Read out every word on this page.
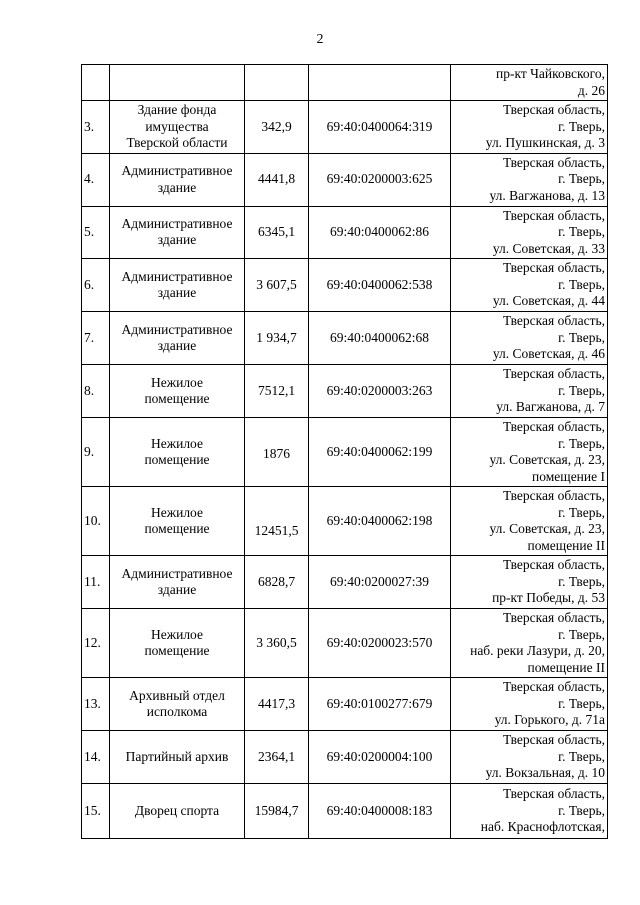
2

				пр-кт Чайковского,
д. 26

3.	Здание фонда
имущества
Тверской области	342,9	69:40:0400064:319	Тверская область,
г. Тверь,
ул. Пушкинская, д. 3

4.	Административное
здание	4441,8	69:40:0200003:625	Тверская область,
г. Тверь,
ул. Вагжанова, д. 13

5.	Административное
здание	6345,1	69:40:0400062:86	Тверская область,
г. Тверь,
ул. Советская, д. 33

6.	Административное
здание	3 607,5	69:40:0400062:538	Тверская область,
г. Тверь,
ул. Советская, д. 44

7.	Административное
здание	1 934,7	69:40:0400062:68	Тверская область,
г. Тверь,
ул. Советская, д. 46

8.	Нежилое
помещение	7512,1	69:40:0200003:263	Тверская область,
г. Тверь,
ул. Вагжанова, д. 7

9.	Нежилое
помещение	1876	69:40:0400062:199	Тверская область,
г. Тверь,
ул. Советская, д. 23,
помещение I

10.	Нежилое
помещение	12451,5	69:40:0400062:198	Тверская область,
г. Тверь,
ул. Советская, д. 23,
помещение II

11.	Административное
здание	6828,7	69:40:0200027:39	Тверская область,
г. Тверь,
пр-кт Победы, д. 53

12.	Нежилое
помещение	3 360,5	69:40:0200023:570	Тверская область,
г. Тверь,
наб. реки Лазури, д. 20,
помещение II

13.	Архивный отдел
исполкома	4417,3	69:40:0100277:679	Тверская область,
г. Тверь,
ул. Горького, д. 71а

14.	Партийный архив	2364,1	69:40:0200004:100	Тверская область,
г. Тверь,
ул. Вокзальная, д. 10

15.	Дворец спорта	15984,7	69:40:0400008:183	Тверская область,
г. Тверь,
наб. Краснофлотская,
